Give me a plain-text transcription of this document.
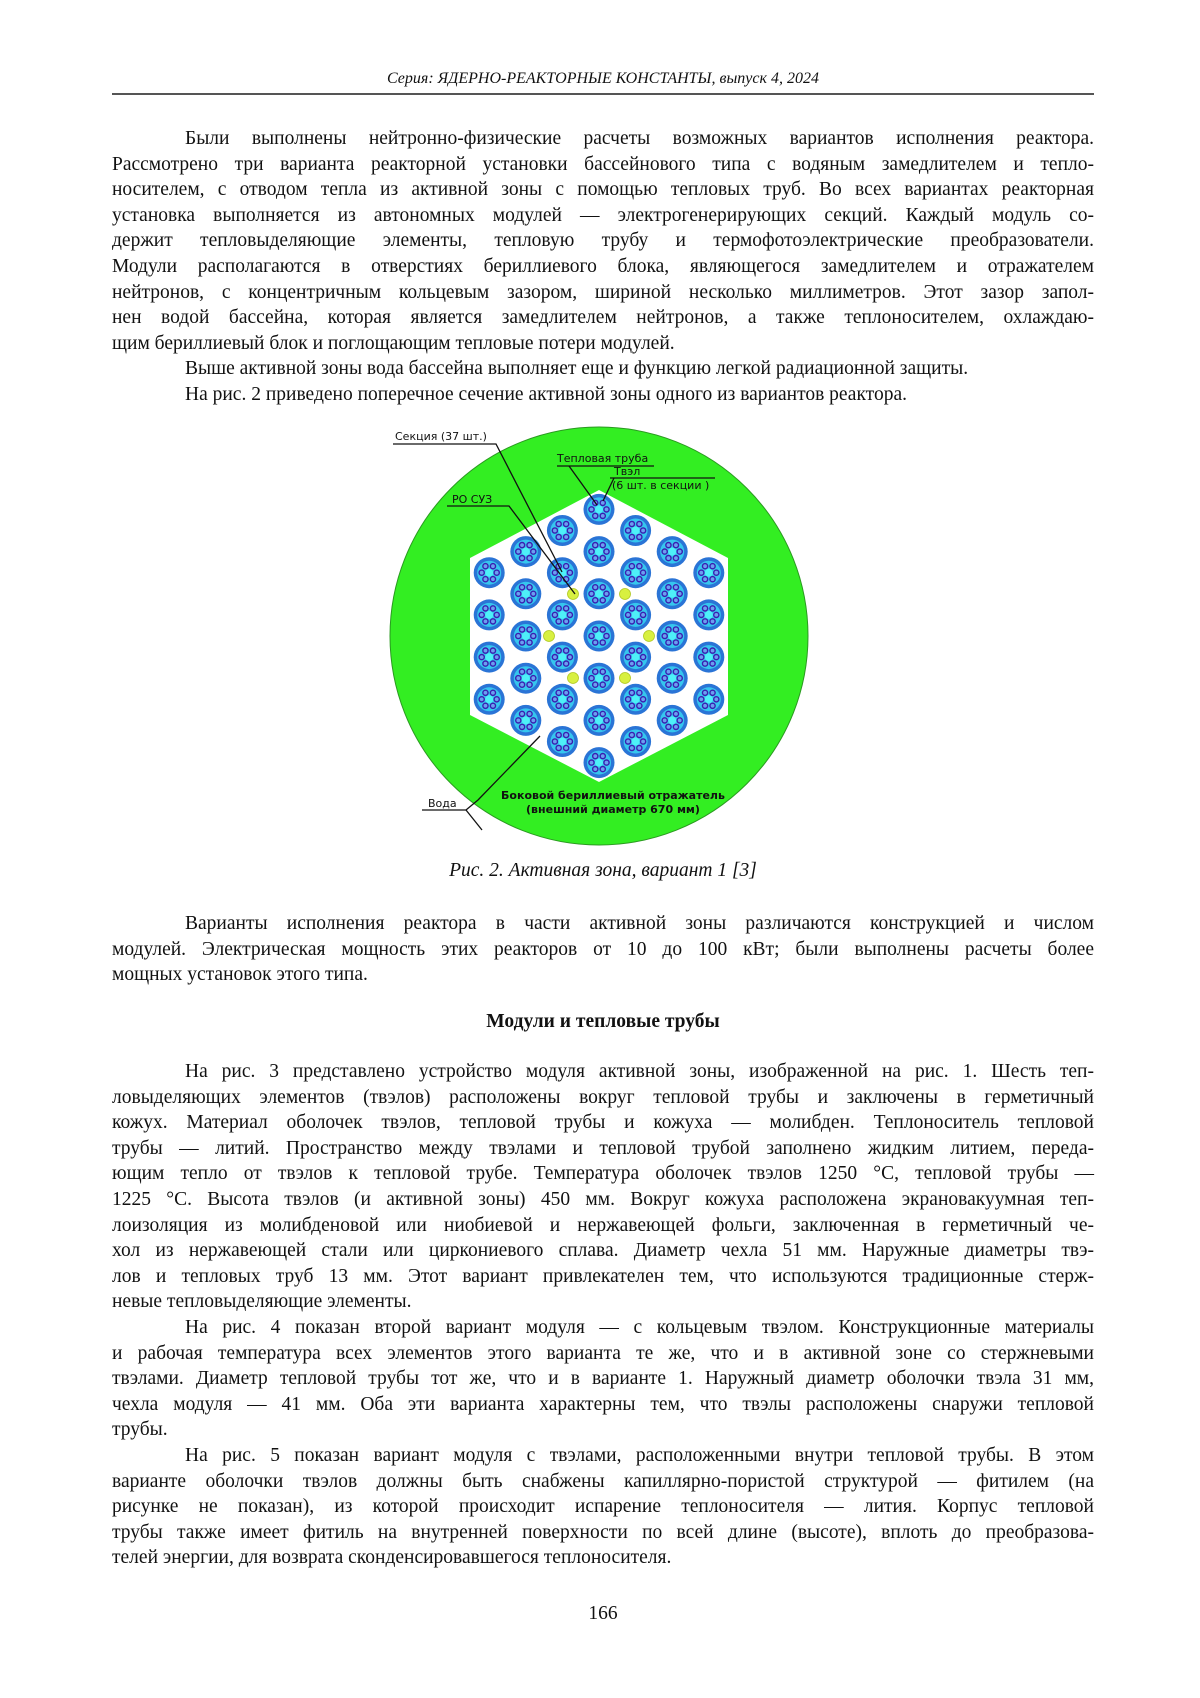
Серия: ЯДЕРНО-РЕАКТОРНЫЕ КОНСТАНТЫ, выпуск 4, 2024
Были выполнены нейтронно-физические расчеты возможных вариантов исполнения реактора.
Рассмотрено три варианта реакторной установки бассейнового типа с водяным замедлителем и тепло-
носителем, с отводом тепла из активной зоны с помощью тепловых труб. Во всех вариантах реакторная
установка выполняется из автономных модулей — электрогенерирующих секций. Каждый модуль со-
держит тепловыделяющие элементы, тепловую трубу и термофотоэлектрические преобразователи.
Модули располагаются в отверстиях бериллиевого блока, являющегося замедлителем и отражателем
нейтронов, с концентричным кольцевым зазором, шириной несколько миллиметров. Этот зазор запол-
нен водой бассейна, которая является замедлителем нейтронов, а также теплоносителем, охлаждаю-
щим бериллиевый блок и поглощающим тепловые потери модулей.
Выше активной зоны вода бассейна выполняет еще и функцию легкой радиационной защиты.
На рис. 2 приведено поперечное сечение активной зоны одного из вариантов реактора.
Секция (37 шт.)
Тепловая труба
Твэл
(6 шт. в секции )
РО СУЗ
Вода
Боковой бериллиевый отражатель
(внешний диаметр 670 мм)
Рис. 2. Активная зона, вариант 1 [3]
Варианты исполнения реактора в части активной зоны различаются конструкцией и числом
модулей. Электрическая мощность этих реакторов от 10 до 100 кВт; были выполнены расчеты более
мощных установок этого типа.
Модули и тепловые трубы
На рис. 3 представлено устройство модуля активной зоны, изображенной на рис. 1. Шесть теп-
ловыделяющих элементов (твэлов) расположены вокруг тепловой трубы и заключены в герметичный
кожух. Материал оболочек твэлов, тепловой трубы и кожуха — молибден. Теплоноситель тепловой
трубы — литий. Пространство между твэлами и тепловой трубой заполнено жидким литием, переда-
ющим тепло от твэлов к тепловой трубе. Температура оболочек твэлов 1250 °C, тепловой трубы —
1225 °C. Высота твэлов (и активной зоны) 450 мм. Вокруг кожуха расположена экрановакуумная теп-
лоизоляция из молибденовой или ниобиевой и нержавеющей фольги, заключенная в герметичный че-
хол из нержавеющей стали или циркониевого сплава. Диаметр чехла 51 мм. Наружные диаметры твэ-
лов и тепловых труб 13 мм. Этот вариант привлекателен тем, что используются традиционные стерж-
невые тепловыделяющие элементы.
На рис. 4 показан второй вариант модуля — с кольцевым твэлом. Конструкционные материалы
и рабочая температура всех элементов этого варианта те же, что и в активной зоне со стержневыми
твэлами. Диаметр тепловой трубы тот же, что и в варианте 1. Наружный диаметр оболочки твэла 31 мм,
чехла модуля — 41 мм. Оба эти варианта характерны тем, что твэлы расположены снаружи тепловой
трубы.
На рис. 5 показан вариант модуля с твэлами, расположенными внутри тепловой трубы. В этом
варианте оболочки твэлов должны быть снабжены капиллярно-пористой структурой — фитилем (на
рисунке не показан), из которой происходит испарение теплоносителя — лития. Корпус тепловой
трубы также имеет фитиль на внутренней поверхности по всей длине (высоте), вплоть до преобразова-
телей энергии, для возврата сконденсировавшегося теплоносителя.
166
